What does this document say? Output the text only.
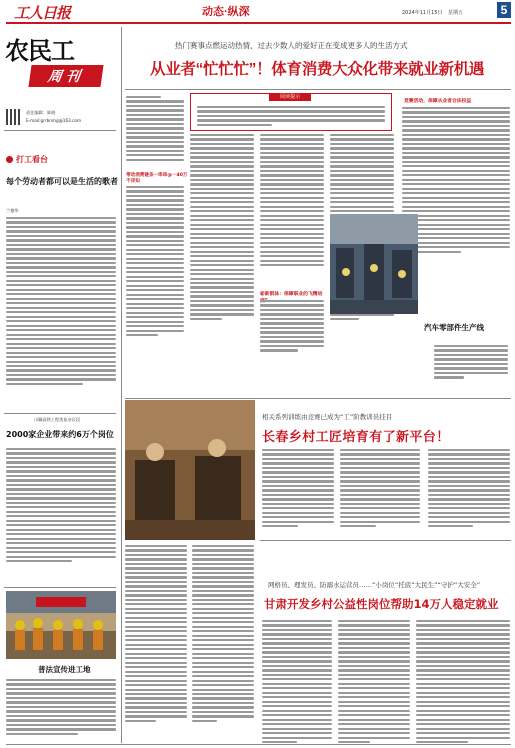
工人日报	动态·纵深	2024年11月15日 星期五	5
农民工
周刊
责任编辑：陈晓
E-mail:grrbnmg@163.com
打工看台
每个劳动者都可以是生活的歌者
兰德华
川藏高铁工程类复杂区段
2000家企业带来约6万个岗位
普法宣传进工地
热门赛事点燃运动热情，过去少数人的爱好正在变成更多人的生活方式
从业者“忙忙忙”！体育消费大众化带来就业新机遇
带动消费链条一串串@一40万不详知
阅读提示
崭新群体：保障职业的飞精进
竞赛活动，保障从业者合法权益
汽车零部件生产线
相关系列训练由竞赛已成为“工”阶教训员挂目
长春乡村工匠培育有了新平台！
网格员、理发员、防溺水运营员……“小岗位”托底“大民生”“守护”大安全”
甘肃开发乡村公益性岗位帮助14万人稳定就业
